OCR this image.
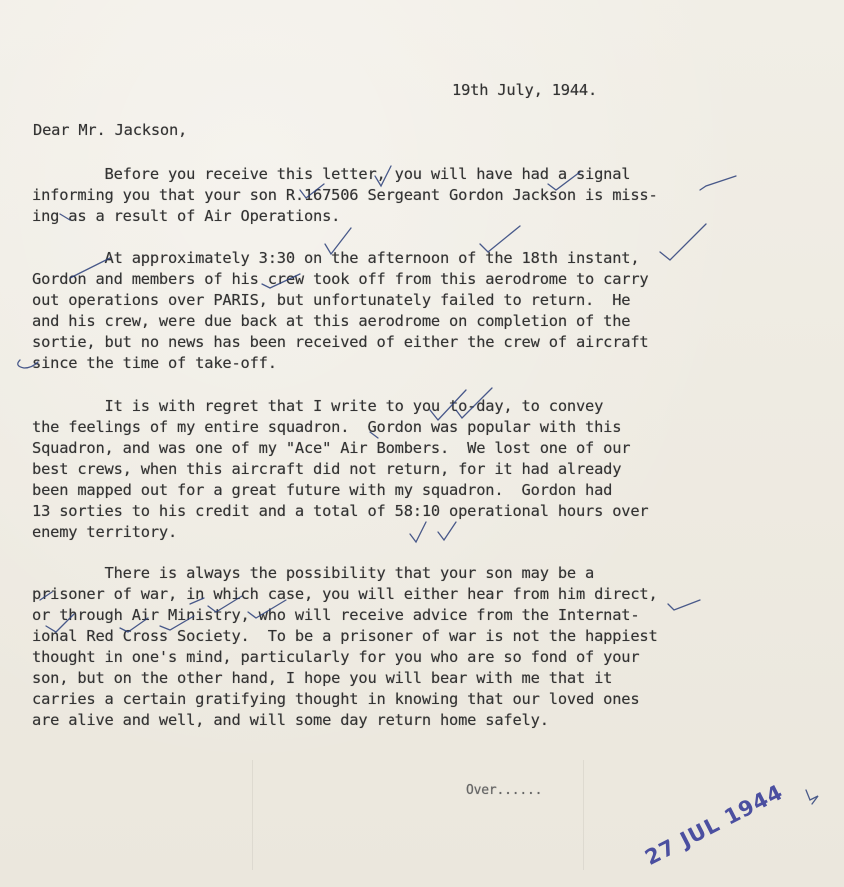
19th July, 1944.
Dear Mr. Jackson,
Before you receive this letter, you will have had a signal
informing you that your son R.167506 Sergeant Gordon Jackson is miss-
ing as a result of Air Operations.
At approximately 3:30 on the afternoon of the 18th instant,
Gordon and members of his crew took off from this aerodrome to carry
out operations over PARIS, but unfortunately failed to return.  He
and his crew, were due back at this aerodrome on completion of the
sortie, but no news has been received of either the crew of aircraft
since the time of take-off.
It is with regret that I write to you to-day, to convey
the feelings of my entire squadron.  Gordon was popular with this
Squadron, and was one of my "Ace" Air Bombers.  We lost one of our
best crews, when this aircraft did not return, for it had already
been mapped out for a great future with my squadron.  Gordon had
13 sorties to his credit and a total of 58:10 operational hours over
enemy territory.
There is always the possibility that your son may be a
prisoner of war, in which case, you will either hear from him direct,
or through Air Ministry, who will receive advice from the Internat-
ional Red Cross Society.  To be a prisoner of war is not the happiest
thought in one's mind, particularly for you who are so fond of your
son, but on the other hand, I hope you will bear with me that it
carries a certain gratifying thought in knowing that our loved ones
are alive and well, and will some day return home safely.
Over......	27 JUL 1944
